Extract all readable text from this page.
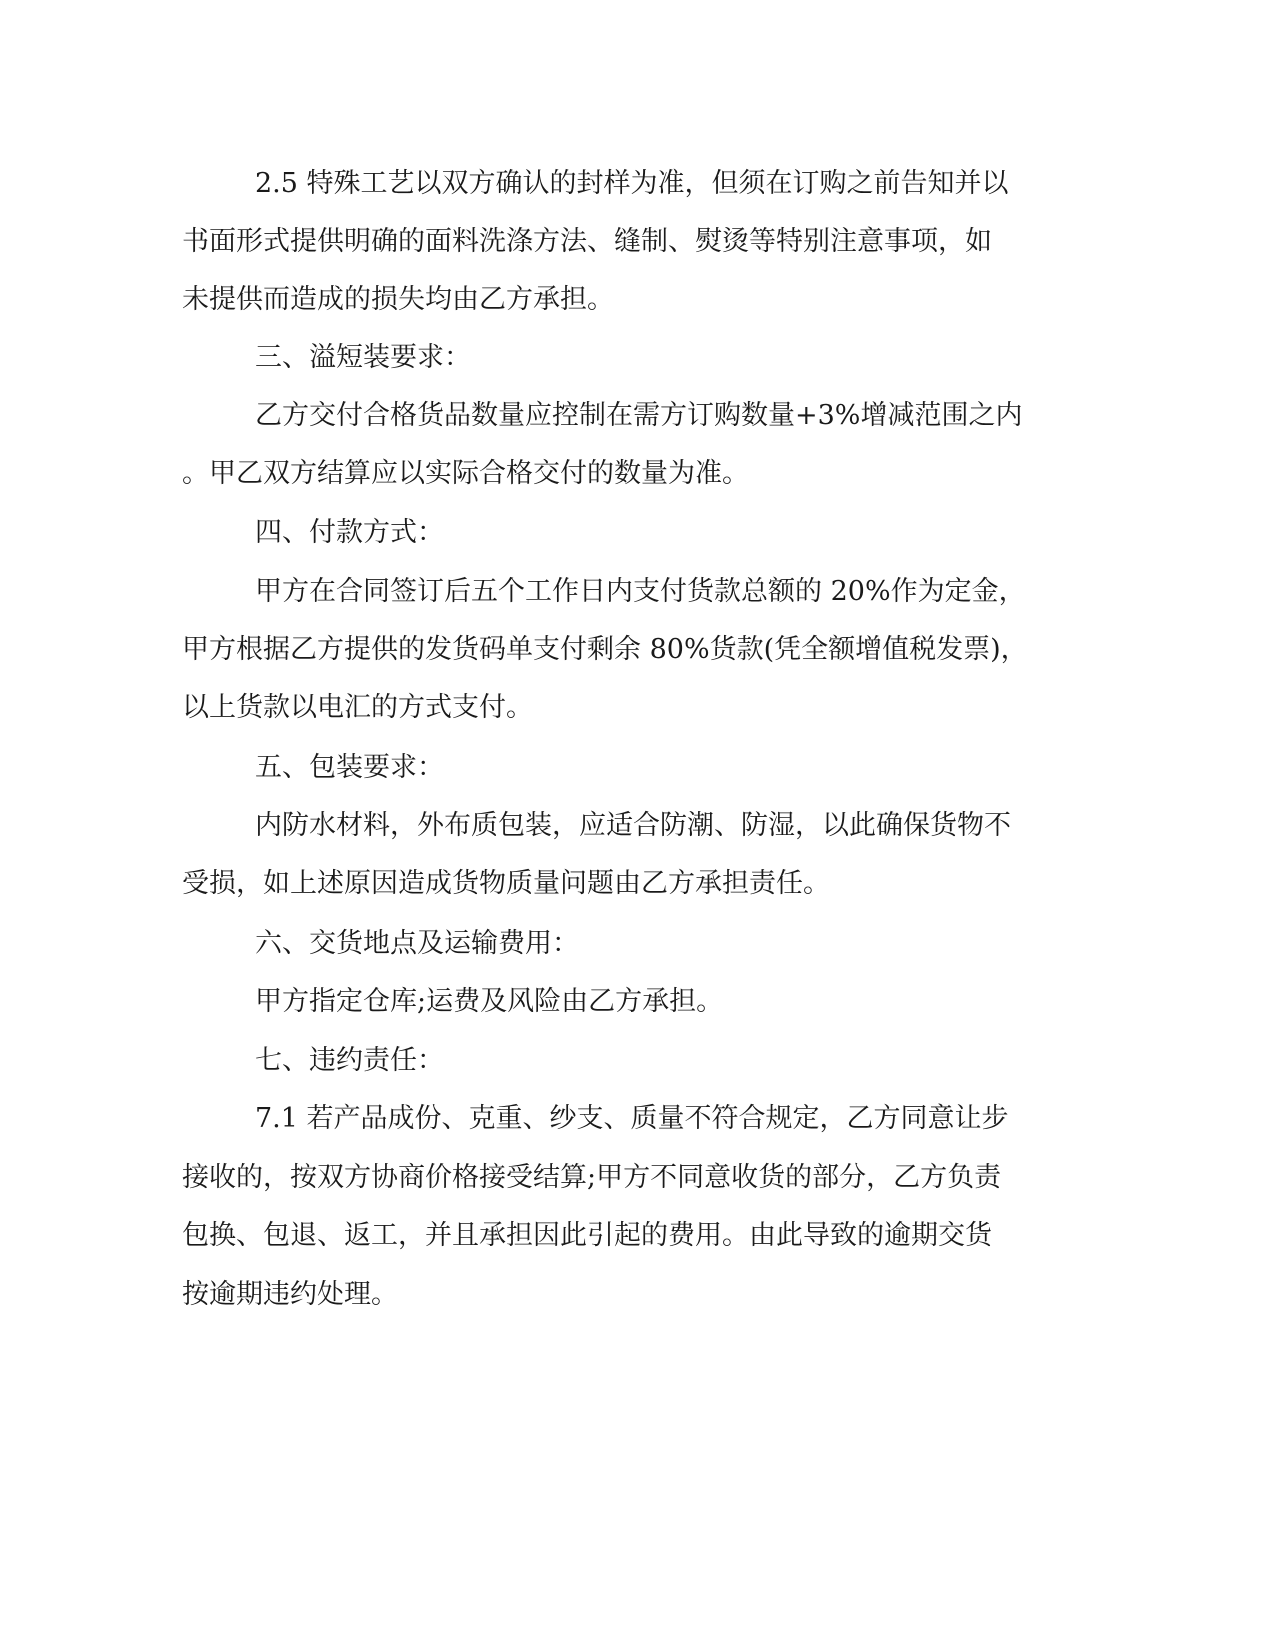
2.5 特殊工艺以双方确认的封样为准，但须在订购之前告知并以
书面形式提供明确的面料洗涤方法、缝制、熨烫等特别注意事项，如
未提供而造成的损失均由乙方承担。
三、溢短装要求：
乙方交付合格货品数量应控制在需方订购数量+3%增减范围之内
。甲乙双方结算应以实际合格交付的数量为准。
四、付款方式：
甲方在合同签订后五个工作日内支付货款总额的 20%作为定金，
甲方根据乙方提供的发货码单支付剩余 80%货款(凭全额增值税发票)，
以上货款以电汇的方式支付。
五、包装要求：
内防水材料，外布质包装，应适合防潮、防湿，以此确保货物不
受损，如上述原因造成货物质量问题由乙方承担责任。
六、交货地点及运输费用：
甲方指定仓库;运费及风险由乙方承担。
七、违约责任：
7.1 若产品成份、克重、纱支、质量不符合规定，乙方同意让步
接收的，按双方协商价格接受结算;甲方不同意收货的部分，乙方负责
包换、包退、返工，并且承担因此引起的费用。由此导致的逾期交货
按逾期违约处理。
